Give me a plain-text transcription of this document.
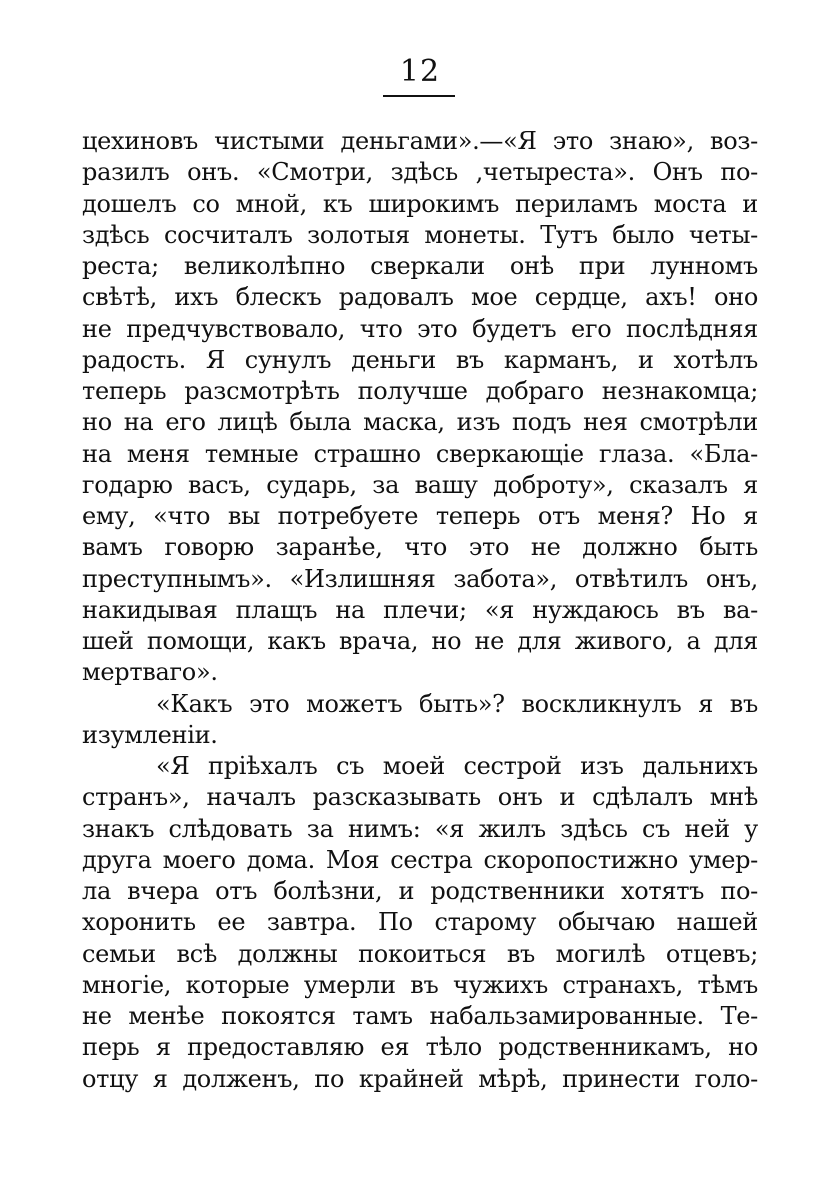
12
цехиновъ чистыми деньгами».—«Я это знаю», воз-
разилъ онъ. «Смотри, здѣсь ,четыреста». Онъ по-
дошелъ со мной, къ широкимъ периламъ моста и
здѣсь сосчиталъ золотыя монеты. Тутъ было четы-
реста; великолѣпно сверкали онѣ при лунномъ
свѣтѣ, ихъ блескъ радовалъ мое сердце, ахъ! оно
не предчувствовало, что это будетъ его послѣдняя
радость. Я сунулъ деньги въ карманъ, и хотѣлъ
теперь разсмотрѣть получше добраго незнакомца;
но на его лицѣ была маска, изъ подъ нея смотрѣли
на меня темные страшно сверкающіе глаза. «Бла-
годарю васъ, сударь, за вашу доброту», сказалъ я
ему, «что вы потребуете теперь отъ меня? Но я
вамъ говорю заранѣе, что это не должно быть
преступнымъ». «Излишняя забота», отвѣтилъ онъ,
накидывая плащъ на плечи; «я нуждаюсь въ ва-
шей помощи, какъ врача, но не для живого, а для
мертваго».
«Какъ это можетъ быть»? воскликнулъ я въ
изумленіи.
«Я пріѣхалъ съ моей сестрой изъ дальнихъ
странъ», началъ разсказывать онъ и сдѣлалъ мнѣ
знакъ слѣдовать за нимъ: «я жилъ здѣсь съ ней у
друга моего дома. Моя сестра скоропостижно умер-
ла вчера отъ болѣзни, и родственники хотятъ по-
хоронить ее завтра. По старому обычаю нашей
семьи всѣ должны покоиться въ могилѣ отцевъ;
многіе, которые умерли въ чужихъ странахъ, тѣмъ
не менѣе покоятся тамъ набальзамированные. Те-
перь я предоставляю ея тѣло родственникамъ, но
отцу я долженъ, по крайней мѣрѣ, принести голо-
